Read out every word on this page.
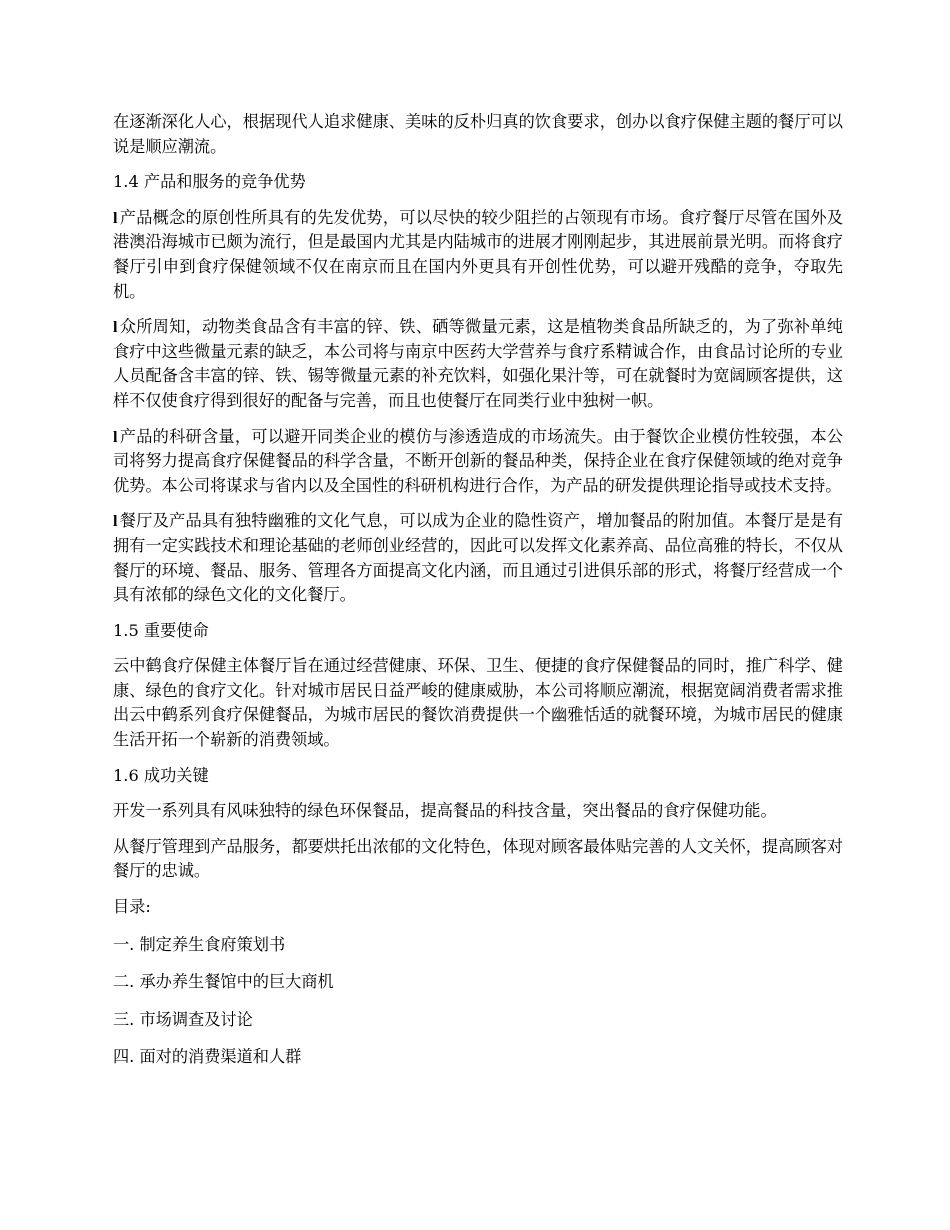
在逐渐深化人心，根据现代人追求健康、美味的反朴归真的饮食要求，创办以食疗保健主题的餐厅可以说是顺应潮流。

1.4 产品和服务的竞争优势

l 产品概念的原创性所具有的先发优势，可以尽快的较少阻拦的占领现有市场。食疗餐厅尽管在国外及港澳沿海城市已颇为流行，但是最国内尤其是内陆城市的进展才刚刚起步，其进展前景光明。而将食疗餐厅引申到食疗保健领域不仅在南京而且在国内外更具有开创性优势，可以避开残酷的竞争，夺取先机。

l 众所周知，动物类食品含有丰富的锌、铁、硒等微量元素，这是植物类食品所缺乏的，为了弥补单纯食疗中这些微量元素的缺乏，本公司将与南京中医药大学营养与食疗系精诚合作，由食品讨论所的专业人员配备含丰富的锌、铁、锡等微量元素的补充饮料，如强化果汁等，可在就餐时为宽阔顾客提供，这样不仅使食疗得到很好的配备与完善，而且也使餐厅在同类行业中独树一帜。

l 产品的科研含量，可以避开同类企业的模仿与渗透造成的市场流失。由于餐饮企业模仿性较强，本公司将努力提高食疗保健餐品的科学含量，不断开创新的餐品种类，保持企业在食疗保健领域的绝对竞争优势。本公司将谋求与省内以及全国性的科研机构进行合作，为产品的研发提供理论指导或技术支持。

l 餐厅及产品具有独特幽雅的文化气息，可以成为企业的隐性资产，增加餐品的附加值。本餐厅是是有拥有一定实践技术和理论基础的老师创业经营的，因此可以发挥文化素养高、品位高雅的特长，不仅从餐厅的环境、餐品、服务、管理各方面提高文化内涵，而且通过引进俱乐部的形式，将餐厅经营成一个具有浓郁的绿色文化的文化餐厅。

1.5 重要使命

云中鹤食疗保健主体餐厅旨在通过经营健康、环保、卫生、便捷的食疗保健餐品的同时，推广科学、健康、绿色的食疗文化。针对城市居民日益严峻的健康威胁，本公司将顺应潮流，根据宽阔消费者需求推出云中鹤系列食疗保健餐品，为城市居民的餐饮消费提供一个幽雅恬适的就餐环境，为城市居民的健康生活开拓一个崭新的消费领域。

1.6 成功关键

开发一系列具有风味独特的绿色环保餐品，提高餐品的科技含量，突出餐品的食疗保健功能。

从餐厅管理到产品服务，都要烘托出浓郁的文化特色，体现对顾客最体贴完善的人文关怀，提高顾客对餐厅的忠诚。

目录:

一. 制定养生食府策划书

二. 承办养生餐馆中的巨大商机

三. 市场调查及讨论

四. 面对的消费渠道和人群
